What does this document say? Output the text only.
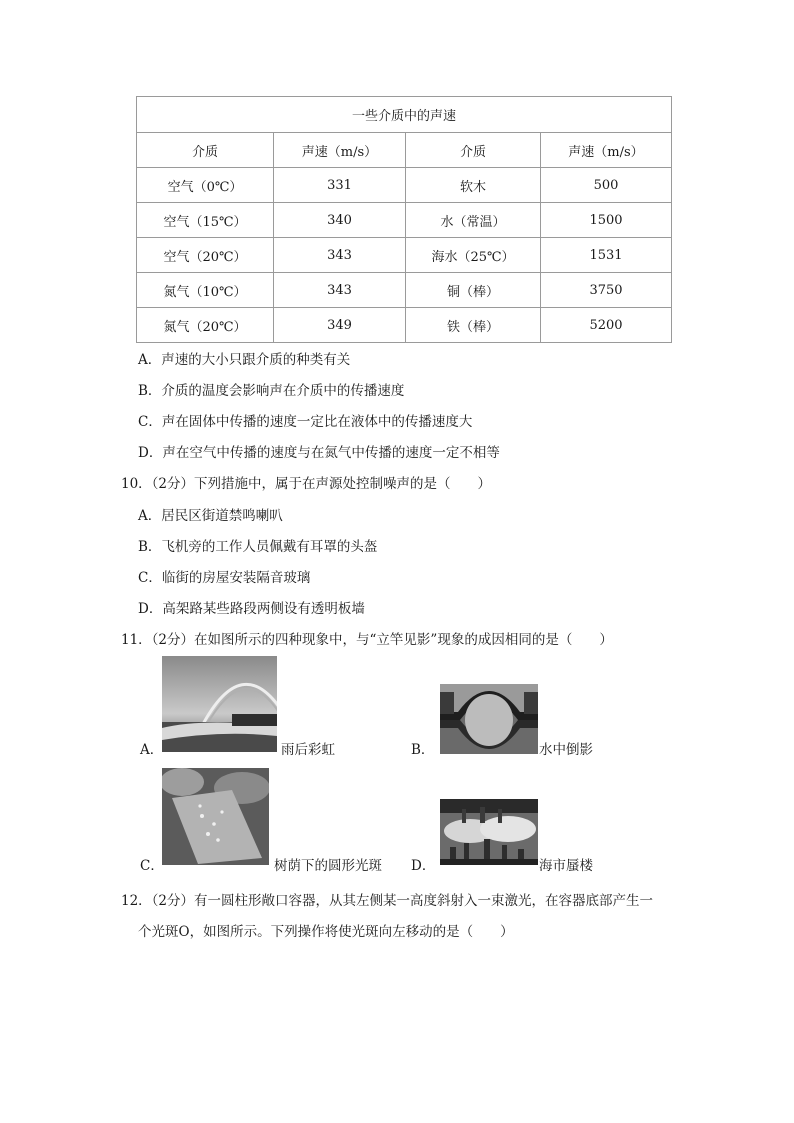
一些介质中的声速			
介质	声速（m/s）	介质	声速（m/s）
空气（0℃）	331	软木	500
空气（15℃）	340	水（常温）	1500
空气（20℃）	343	海水（25℃）	1531
氮气（10℃）	343	铜（棒）	3750
氮气（20℃）	349	铁（棒）	5200
A．声速的大小只跟介质的种类有关
B．介质的温度会影响声在介质中的传播速度
C．声在固体中传播的速度一定比在液体中的传播速度大
D．声在空气中传播的速度与在氮气中传播的速度一定不相等
10．（2分）下列措施中，属于在声源处控制噪声的是（　　）
A．居民区街道禁鸣喇叭
B．飞机旁的工作人员佩戴有耳罩的头盔
C．临街的房屋安装隔音玻璃
D．高架路某些路段两侧设有透明板墙
11．（2分）在如图所示的四种现象中，与“立竿见影”现象的成因相同的是（　　）
A．	雨后彩虹	B．	水中倒影
C．	树荫下的圆形光斑 D．	海市蜃楼
12．（2分）有一圆柱形敞口容器，从其左侧某一高度斜射入一束激光，在容器底部产生一
个光斑O，如图所示。下列操作将使光斑向左移动的是（　　）
